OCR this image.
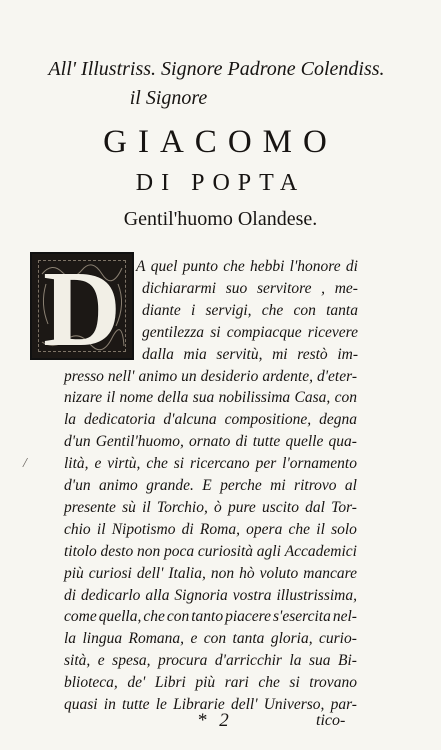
All' Illustriss. Signore Padrone Colendiss.
il Signore
GIACOMO
DI POPTA
Gentil'huomo Olandese.
D A quel punto che hebbi l'honore di
dichiararmi suo servitore , me-
diante i servigi, che con tanta
gentilezza si compiacque ricevere
dalla mia servitù, mi restò im-
presso nell' animo un desiderio ardente, d'eter-
nizare il nome della sua nobilissima Casa, con
la dedicatoria d'alcuna compositione, degna
d'un Gentil'huomo, ornato di tutte quelle qua-
lità, e virtù, che si ricercano per l'ornamento
d'un animo grande. E perche mi ritrovo al
presente sù il Torchio, ò pure uscito dal Tor-
chio il Nipotismo di Roma, opera che il solo
titolo desto non poca curiosità agli Accademici
più curiosi dell' Italia, non hò voluto mancare
di dedicarlo alla Signoria vostra illustrissima,
come quella, che con tanto piacere s'esercita nel-
la lingua Romana, e con tanta gloria, curio-
sità, e spesa, procura d'arricchir la sua Bi-
blioteca, de' Libri più rari che si trovano
quasi in tutte le Librarie dell' Universo, par-
/
* 2	tico-
